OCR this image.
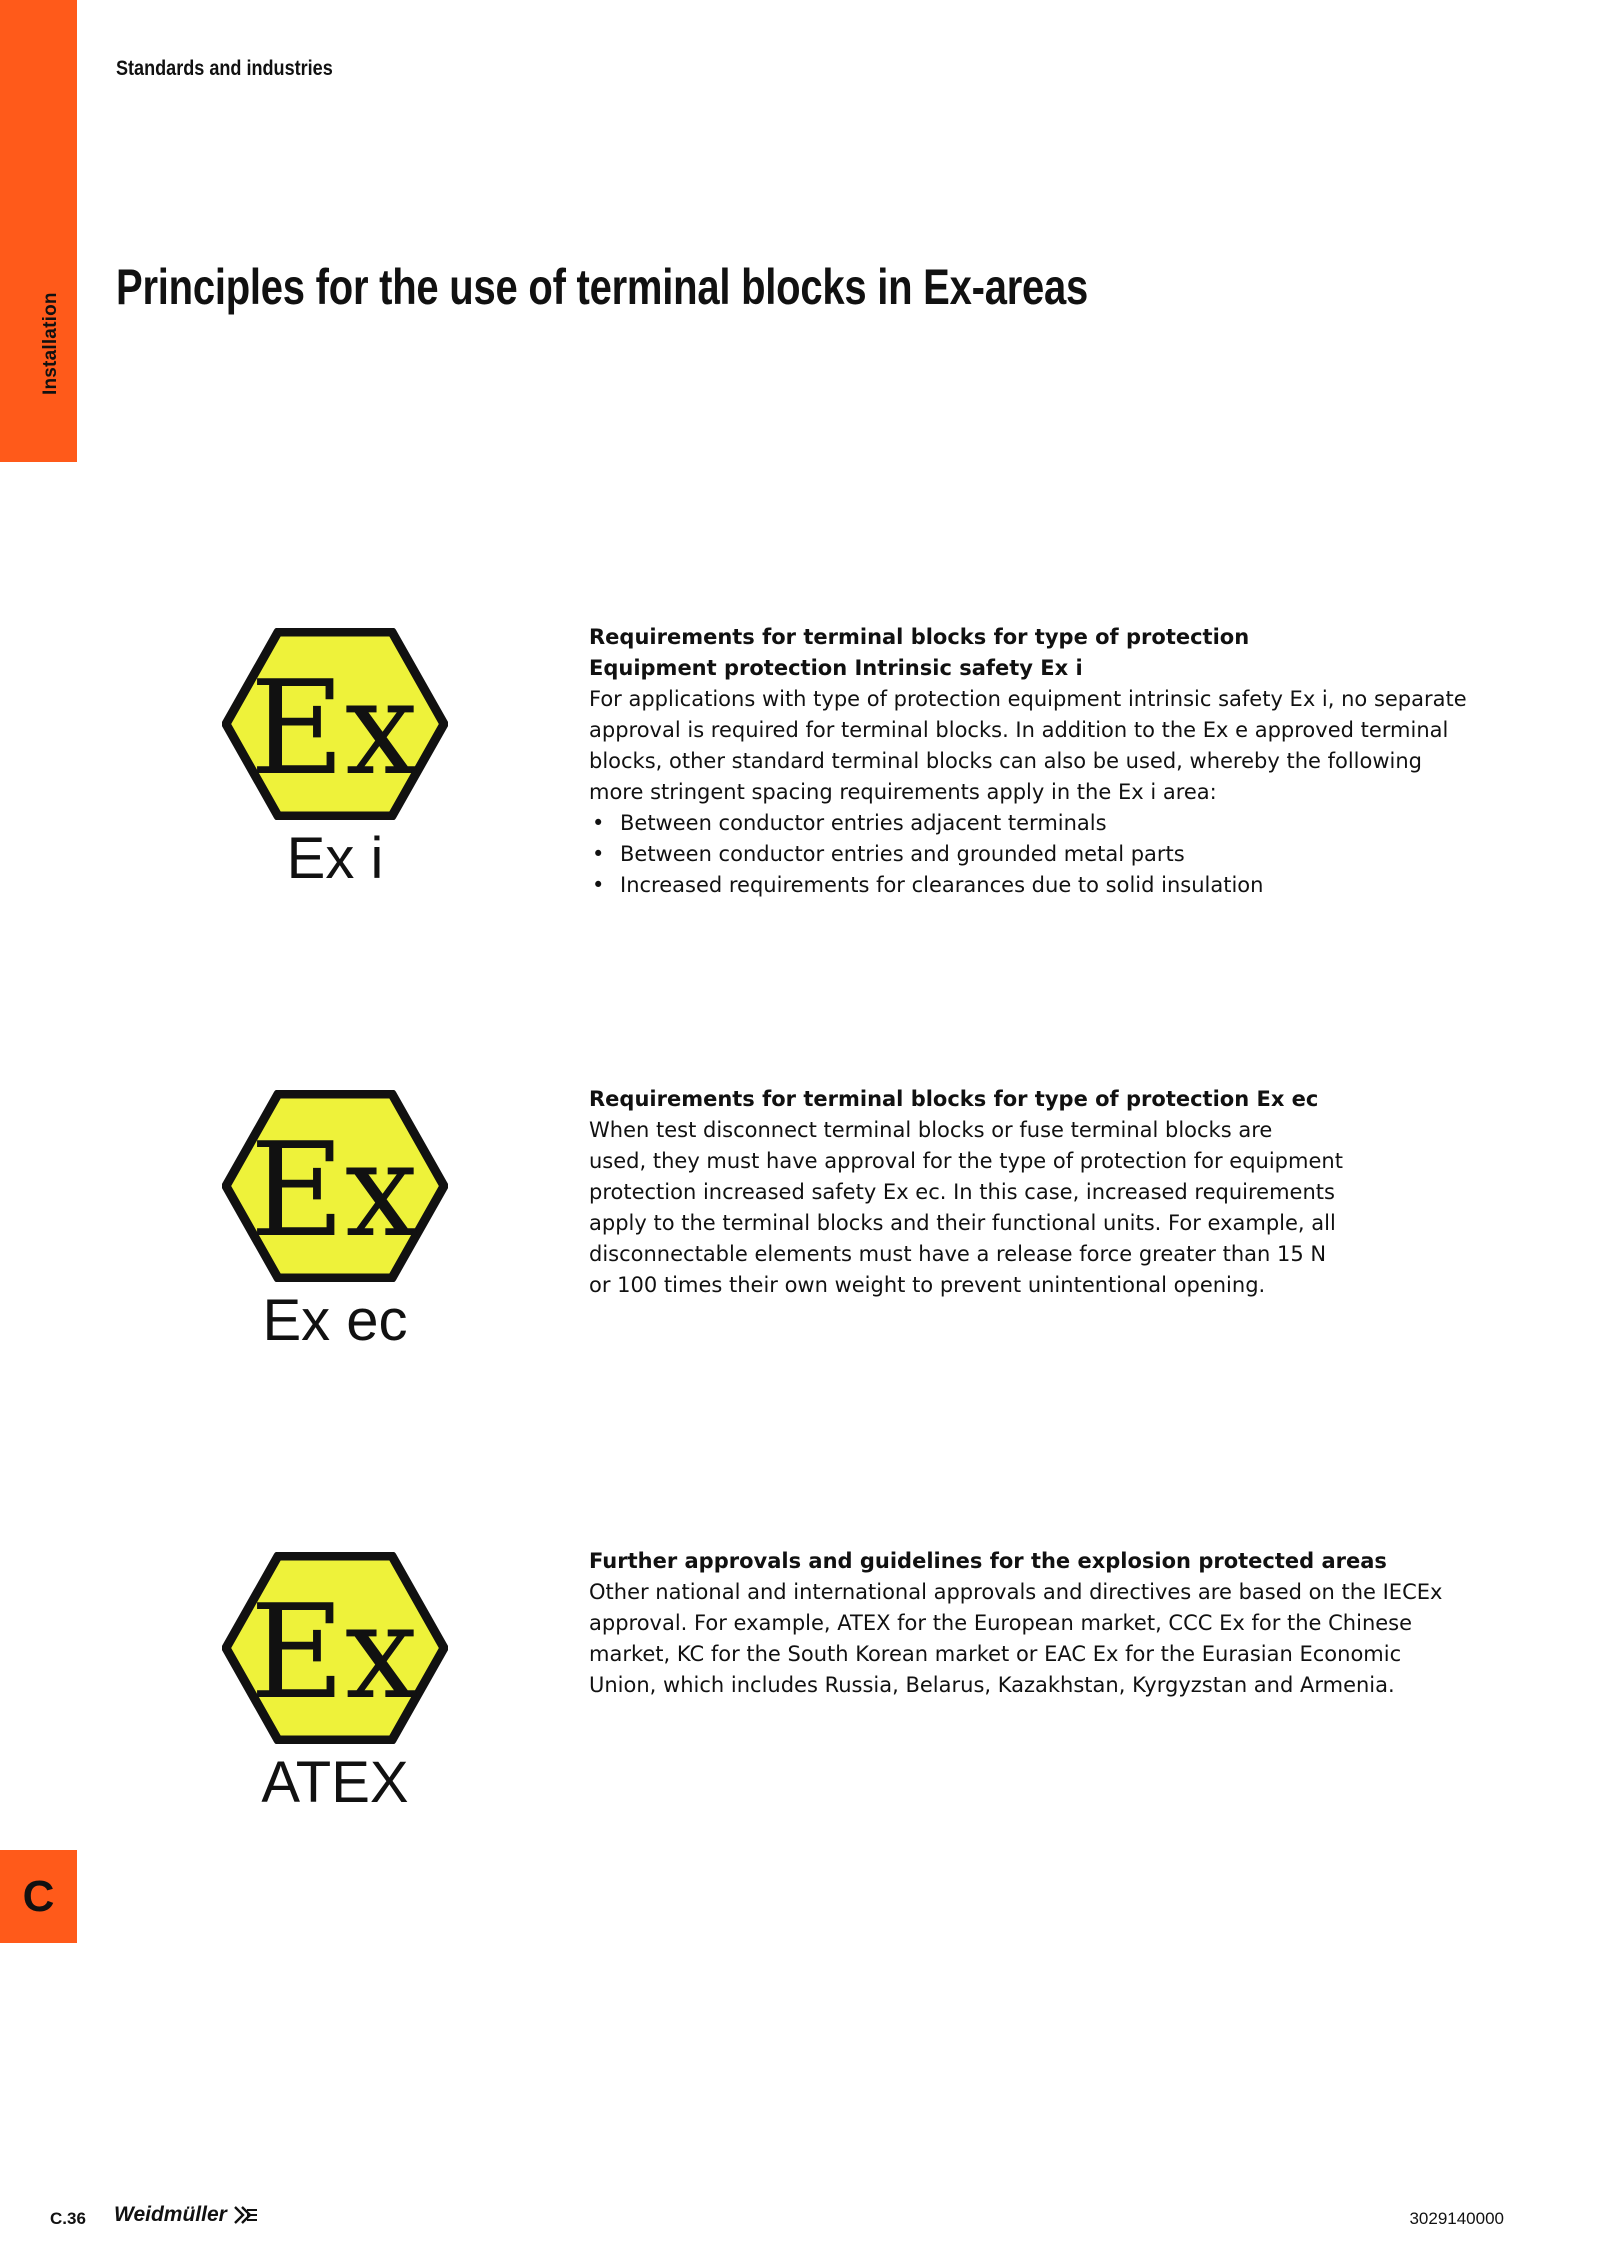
Installation
C
Standards and industries
Principles for the use of terminal blocks in Ex-areas
Ex
Ex i
Requirements for terminal blocks for type of protection
Equipment protection Intrinsic safety Ex i
For applications with type of protection equipment intrinsic safety Ex i, no separate
approval is required for terminal blocks. In addition to the Ex e approved terminal
blocks, other standard terminal blocks can also be used, whereby the following
more stringent spacing requirements apply in the Ex i area:
• Between conductor entries adjacent terminals
• Between conductor entries and grounded metal parts
• Increased requirements for clearances due to solid insulation
Ex
Ex ec
Requirements for terminal blocks for type of protection Ex ec
When test disconnect terminal blocks or fuse terminal blocks are
used, they must have approval for the type of protection for equipment
protection increased safety Ex ec. In this case, increased requirements
apply to the terminal blocks and their functional units. For example, all
disconnectable elements must have a release force greater than 15 N
or 100 times their own weight to prevent unintentional opening.
Ex
ATEX
Further approvals and guidelines for the explosion protected areas
Other national and international approvals and directives are based on the IECEx
approval. For example, ATEX for the European market, CCC Ex for the Chinese
market, KC for the South Korean market or EAC Ex for the Eurasian Economic
Union, which includes Russia, Belarus, Kazakhstan, Kyrgyzstan and Armenia.
C.36 Weidmüller	3029140000
